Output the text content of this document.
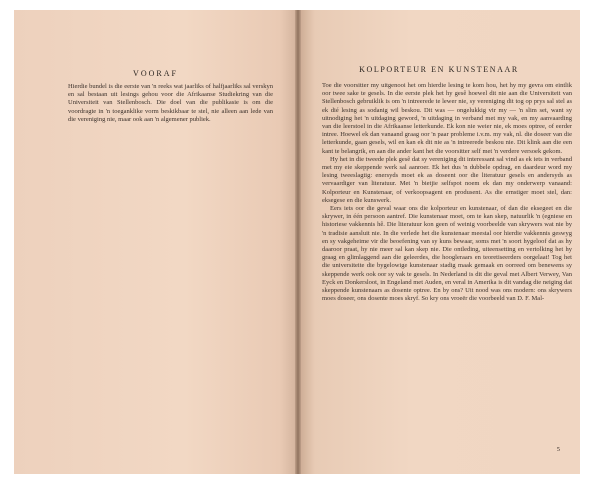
VOORAF

Hierdie bundel is die eerste van 'n reeks wat jaarliks of halfjaarliks sal verskyn en sal bestaan uit lesings gehou voor die Afrikaanse Studiekring van die Universiteit van Stellenbosch. Die doel van die publikasie is om die voordragte in 'n toeganklike vorm beskikbaar te stel, nie alleen aan lede van die vereniging nie, maar ook aan 'n algemener publiek.

KOLPORTEUR EN KUNSTENAAR

Toe die voorsitter my uitgenooi het om hierdie lesing te kom hou, het hy my gevra om eintlik oor twee sake te gesels. In die eerste plek het hy gesê hoewel dit nie aan die Universiteit van Stellenbosch gebruiklik is om 'n intreerede te lewer nie, sy vereniging dit tog op prys sal stel as ek dié lesing as sodanig wil beskou. Dit was — ongelukkig vir my — 'n slim set, want sy uitnodiging het 'n uitdaging geword, 'n uitdaging in verband met my vak, en my aanvaarding van die leerstoel in die Afrikaanse letterkunde. Ek kon nie weier nie, ek moes optree, of eerder intree. Hoewel ek dan vanaand graag oor 'n paar probleme i.v.m. my vak, nl. die doseer van die letterkunde, gaan gesels, wil en kan ek dit nie as 'n intreerede beskou nie. Dit klink aan die een kant te belangrik, en aan die ander kant het die voorsitter self met 'n verdere versoek gekom.

Hy het in die tweede plek gesê dat sy vereniging dit interessant sal vind as ek iets in verband met my eie skeppende werk sal aanroer. Ek het dus 'n dubbele opdrag, en daardeur word my lesing tweeslagtig: enersyds moet ek as doseent oor die literatuur gesels en andersyds as vervaardiger van literatuur. Met 'n bietjie selfspot noem ek dan my onderwerp vanaand: Kolporteur en Kunstenaar, of verkoopsagent en produsent. As die ernstiger moet stel, dan: eksegese en die kunswerk.

Eers iets oor die geval waar ons die kolporteur en kunstenaar, of dan die eksegeet en die skrywer, in één persoon aantref. Die kunstenaar moet, om te kan skep, natuurlik 'n (egniese en historiese vakkennis hê. Die literatuur kon geen of weinig voorbeelde van skrywers wat nie by 'n tradisie aansluit nie. In die verlede het die kunstenaar meestal oor hierdie vakkennis geswyg en sy vakgeheime vir die beoefening van sy kuns bewaar, soms met 'n soort hygeloof dat as hy daaroor praat, hy nie meer sal kan skep nie. Die ontleding, uiteensetting en vertolking het hy graag en glimlaggend aan die geleerdes, die hoogleraars en teoretiseerders oorgelaat! Tog het die universiteite die bygelowige kunstenaar stadig maak gemaak en oorreed om benewens sy skeppende werk ook oor sy vak te gesels. In Nederland is dit die geval met Albert Verwey, Van Eyck en Donkersloot, in Engeland met Auden, en veral in Amerika is dit vandag die neiging dat skeppende kunstenaars as dosente optree. En by ons? Uit nood was ons modern: ons skrywers moes doseer, ons dosente moes skryf. So kry ons vroeër die voorbeeld van D. F. Mal-

5
